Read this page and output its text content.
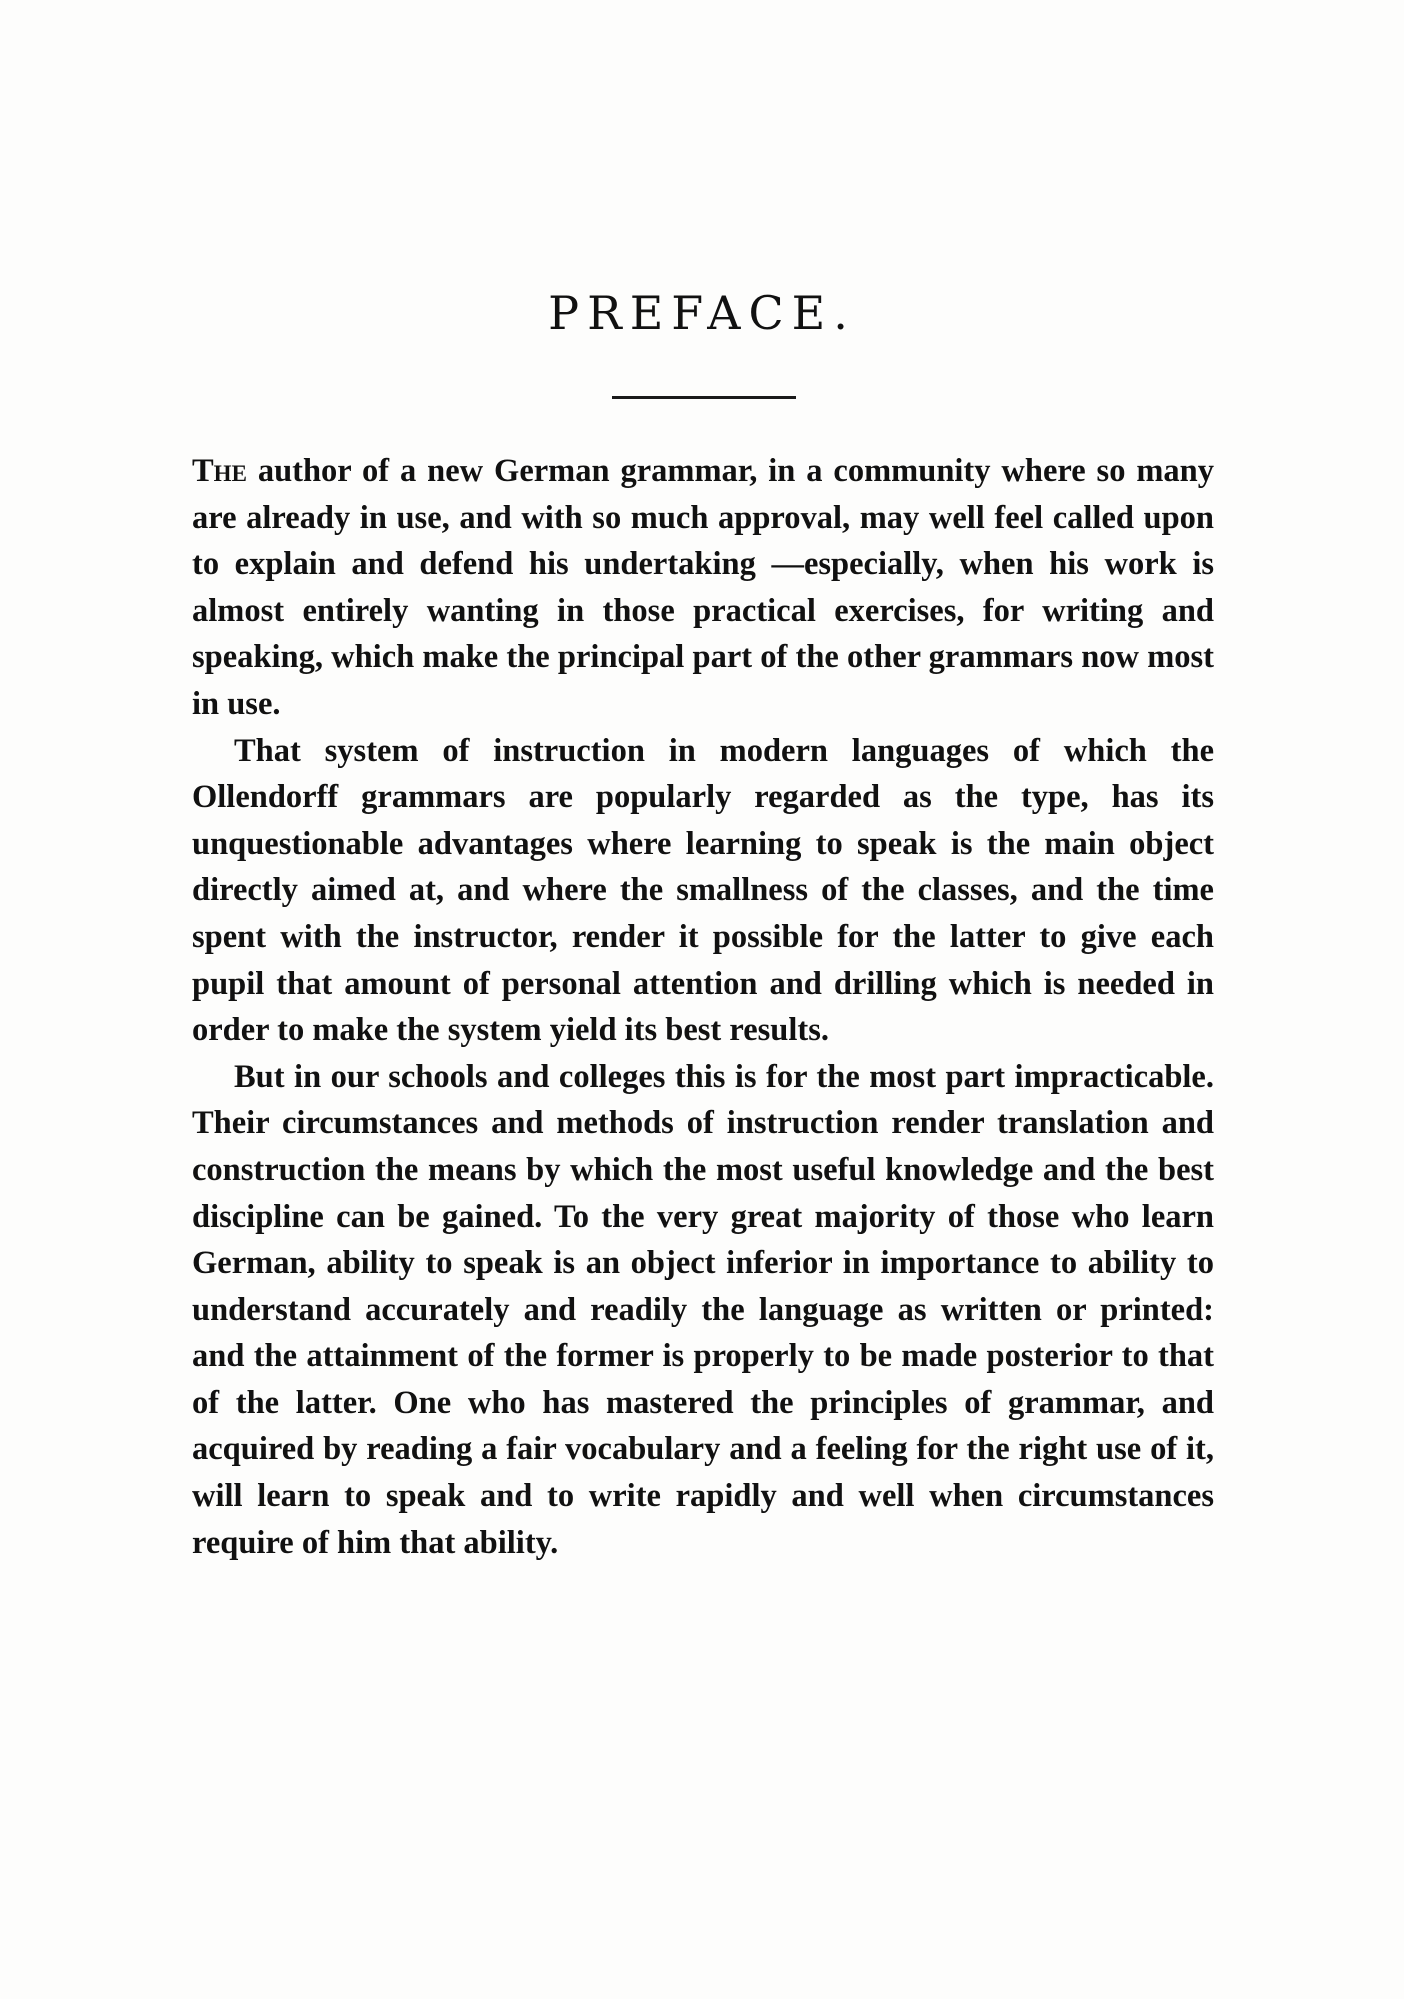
PREFACE.

The author of a new German grammar, in a community where so many are already in use, and with so much approval, may well feel called upon to explain and defend his undertaking —especially, when his work is almost entirely wanting in those practical exercises, for writing and speaking, which make the principal part of the other grammars now most in use.

That system of instruction in modern languages of which the Ollendorff grammars are popularly regarded as the type, has its unquestionable advantages where learning to speak is the main object directly aimed at, and where the smallness of the classes, and the time spent with the instructor, render it possible for the latter to give each pupil that amount of personal attention and drilling which is needed in order to make the system yield its best results.

But in our schools and colleges this is for the most part impracticable. Their circumstances and methods of instruction render translation and construction the means by which the most useful knowledge and the best discipline can be gained. To the very great majority of those who learn German, ability to speak is an object inferior in importance to ability to understand accurately and readily the language as written or printed: and the attainment of the former is properly to be made posterior to that of the latter. One who has mastered the principles of grammar, and acquired by reading a fair vocabulary and a feeling for the right use of it, will learn to speak and to write rapidly and well when circumstances require of him that ability.
